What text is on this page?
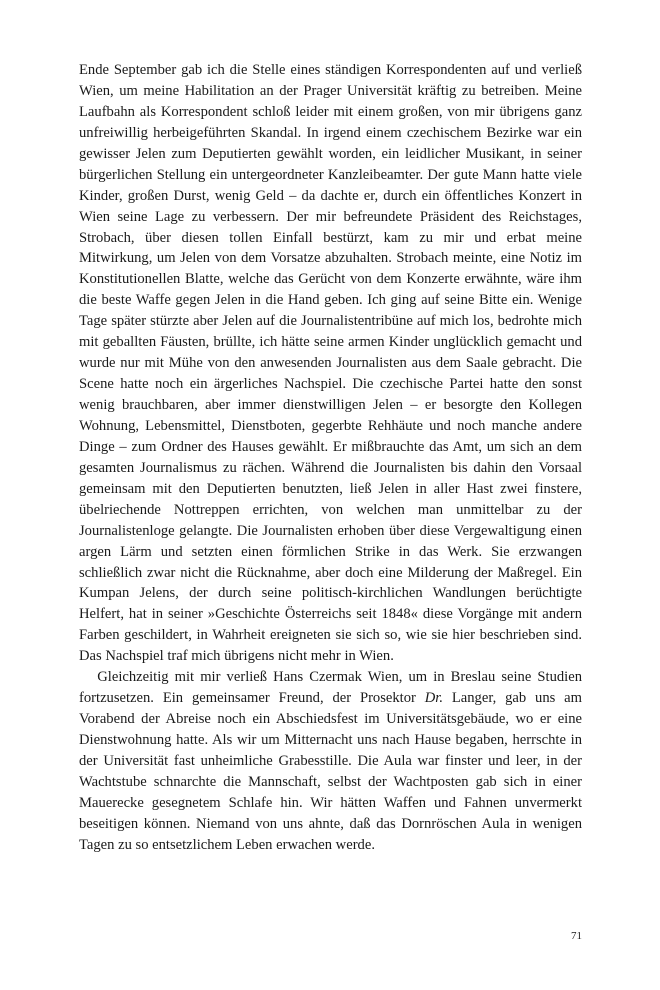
Ende September gab ich die Stelle eines ständigen Korrespondenten auf und verließ Wien, um meine Habilitation an der Prager Universität kräftig zu betreiben. Meine Laufbahn als Korrespondent schloß leider mit einem großen, von mir übrigens ganz unfreiwillig herbeigeführten Skandal. In irgend einem czechischem Bezirke war ein gewisser Jelen zum Deputierten gewählt worden, ein leidlicher Musikant, in seiner bürgerlichen Stellung ein untergeordneter Kanzleibeamter. Der gute Mann hatte viele Kinder, großen Durst, wenig Geld – da dachte er, durch ein öffentliches Konzert in Wien seine Lage zu verbessern. Der mir befreundete Präsident des Reichstages, Strobach, über diesen tollen Einfall bestürzt, kam zu mir und erbat meine Mitwirkung, um Jelen von dem Vorsatze abzuhalten. Strobach meinte, eine Notiz im Konstitutionellen Blatte, welche das Gerücht von dem Konzerte erwähnte, wäre ihm die beste Waffe gegen Jelen in die Hand geben. Ich ging auf seine Bitte ein. Wenige Tage später stürzte aber Jelen auf die Journalistentribüne auf mich los, bedrohte mich mit geballten Fäusten, brüllte, ich hätte seine armen Kinder unglücklich gemacht und wurde nur mit Mühe von den anwesenden Journalisten aus dem Saale gebracht. Die Scene hatte noch ein ärgerliches Nachspiel. Die czechische Partei hatte den sonst wenig brauchbaren, aber immer dienstwilligen Jelen – er besorgte den Kollegen Wohnung, Lebensmittel, Dienstboten, gegerbte Rehhäute und noch manche andere Dinge – zum Ordner des Hauses gewählt. Er mißbrauchte das Amt, um sich an dem gesamten Journalismus zu rächen. Während die Journalisten bis dahin den Vorsaal gemeinsam mit den Deputierten benutzten, ließ Jelen in aller Hast zwei finstere, übelriechende Nottreppen errichten, von welchen man unmittelbar zu der Journalistenloge gelangte. Die Journalisten erhoben über diese Vergewaltigung einen argen Lärm und setzten einen förmlichen Strike in das Werk. Sie erzwangen schließlich zwar nicht die Rücknahme, aber doch eine Milderung der Maßregel. Ein Kumpan Jelens, der durch seine politisch-kirchlichen Wandlungen berüchtigte Helfert, hat in seiner »Geschichte Österreichs seit 1848« diese Vorgänge mit andern Farben geschildert, in Wahrheit ereigneten sie sich so, wie sie hier beschrieben sind. Das Nachspiel traf mich übrigens nicht mehr in Wien.

Gleichzeitig mit mir verließ Hans Czermak Wien, um in Breslau seine Studien fortzusetzen. Ein gemeinsamer Freund, der Prosektor Dr. Langer, gab uns am Vorabend der Abreise noch ein Abschiedsfest im Universitätsgebäude, wo er eine Dienstwohnung hatte. Als wir um Mitternacht uns nach Hause begaben, herrschte in der Universität fast unheimliche Grabesstille. Die Aula war finster und leer, in der Wachtstube schnarchte die Mannschaft, selbst der Wachtposten gab sich in einer Mauerecke gesegnetem Schlafe hin. Wir hätten Waffen und Fahnen unvermerkt beseitigen können. Niemand von uns ahnte, daß das Dornröschen Aula in wenigen Tagen zu so entsetzlichem Leben erwachen werde.

71
